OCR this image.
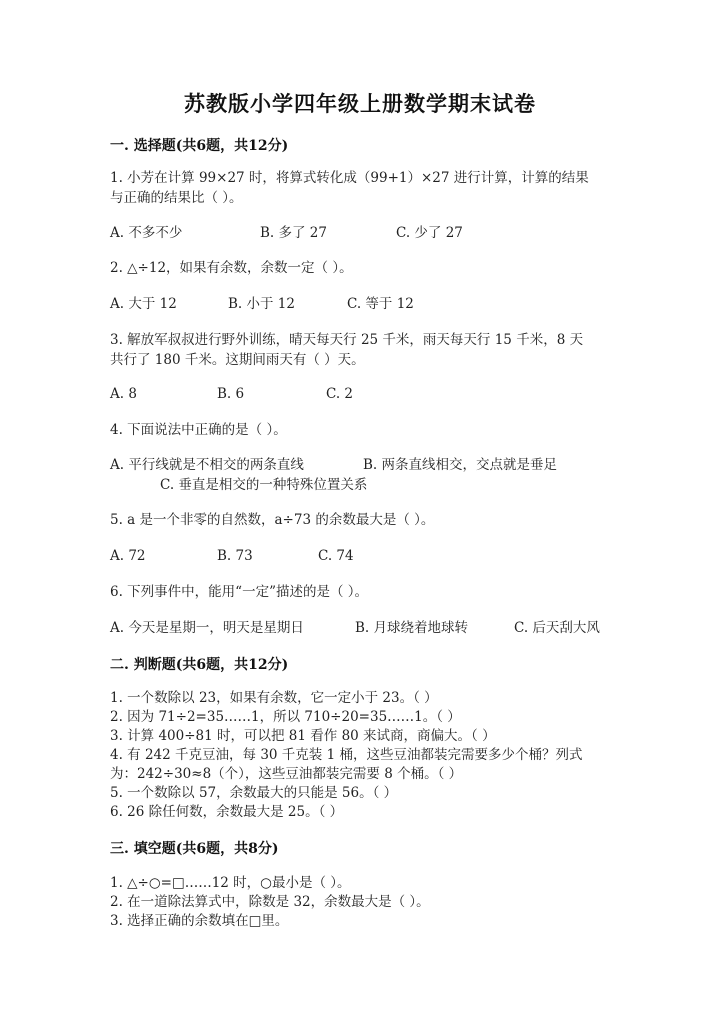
苏教版小学四年级上册数学期末试卷
一. 选择题(共6题，共12分)
1. 小芳在计算 99×27 时，将算式转化成（99+1）×27 进行计算，计算的结果
与正确的结果比（ ）。
A. 不多不少	B. 多了 27	C. 少了 27
2. △÷12，如果有余数，余数一定（ ）。
A. 大于 12	B. 小于 12	C. 等于 12
3. 解放军叔叔进行野外训练，晴天每天行 25 千米，雨天每天行 15 千米，8 天
共行了 180 千米。这期间雨天有（ ）天。
A. 8	B. 6	C. 2
4. 下面说法中正确的是（ ）。
A. 平行线就是不相交的两条直线	B. 两条直线相交，交点就是垂足
C. 垂直是相交的一种特殊位置关系
5. a 是一个非零的自然数，a÷73 的余数最大是（ ）。
A. 72	B. 73	C. 74
6. 下列事件中，能用“一定”描述的是（ ）。
A. 今天是星期一，明天是星期日	B. 月球绕着地球转	C. 后天刮大风
二. 判断题(共6题，共12分)
1. 一个数除以 23，如果有余数，它一定小于 23。（ ）
2. 因为 71÷2=35……1，所以 710÷20=35……1。（ ）
3. 计算 400÷81 时，可以把 81 看作 80 来试商，商偏大。（ ）
4. 有 242 千克豆油，每 30 千克装 1 桶，这些豆油都装完需要多少个桶？列式
为：242÷30≈8（个），这些豆油都装完需要 8 个桶。（ ）
5. 一个数除以 57，余数最大的只能是 56。（ ）
6. 26 除任何数，余数最大是 25。（ ）
三. 填空题(共6题，共8分)
1. △÷○=□……12 时，○最小是（ ）。
2. 在一道除法算式中，除数是 32，余数最大是（ ）。
3. 选择正确的余数填在□里。
